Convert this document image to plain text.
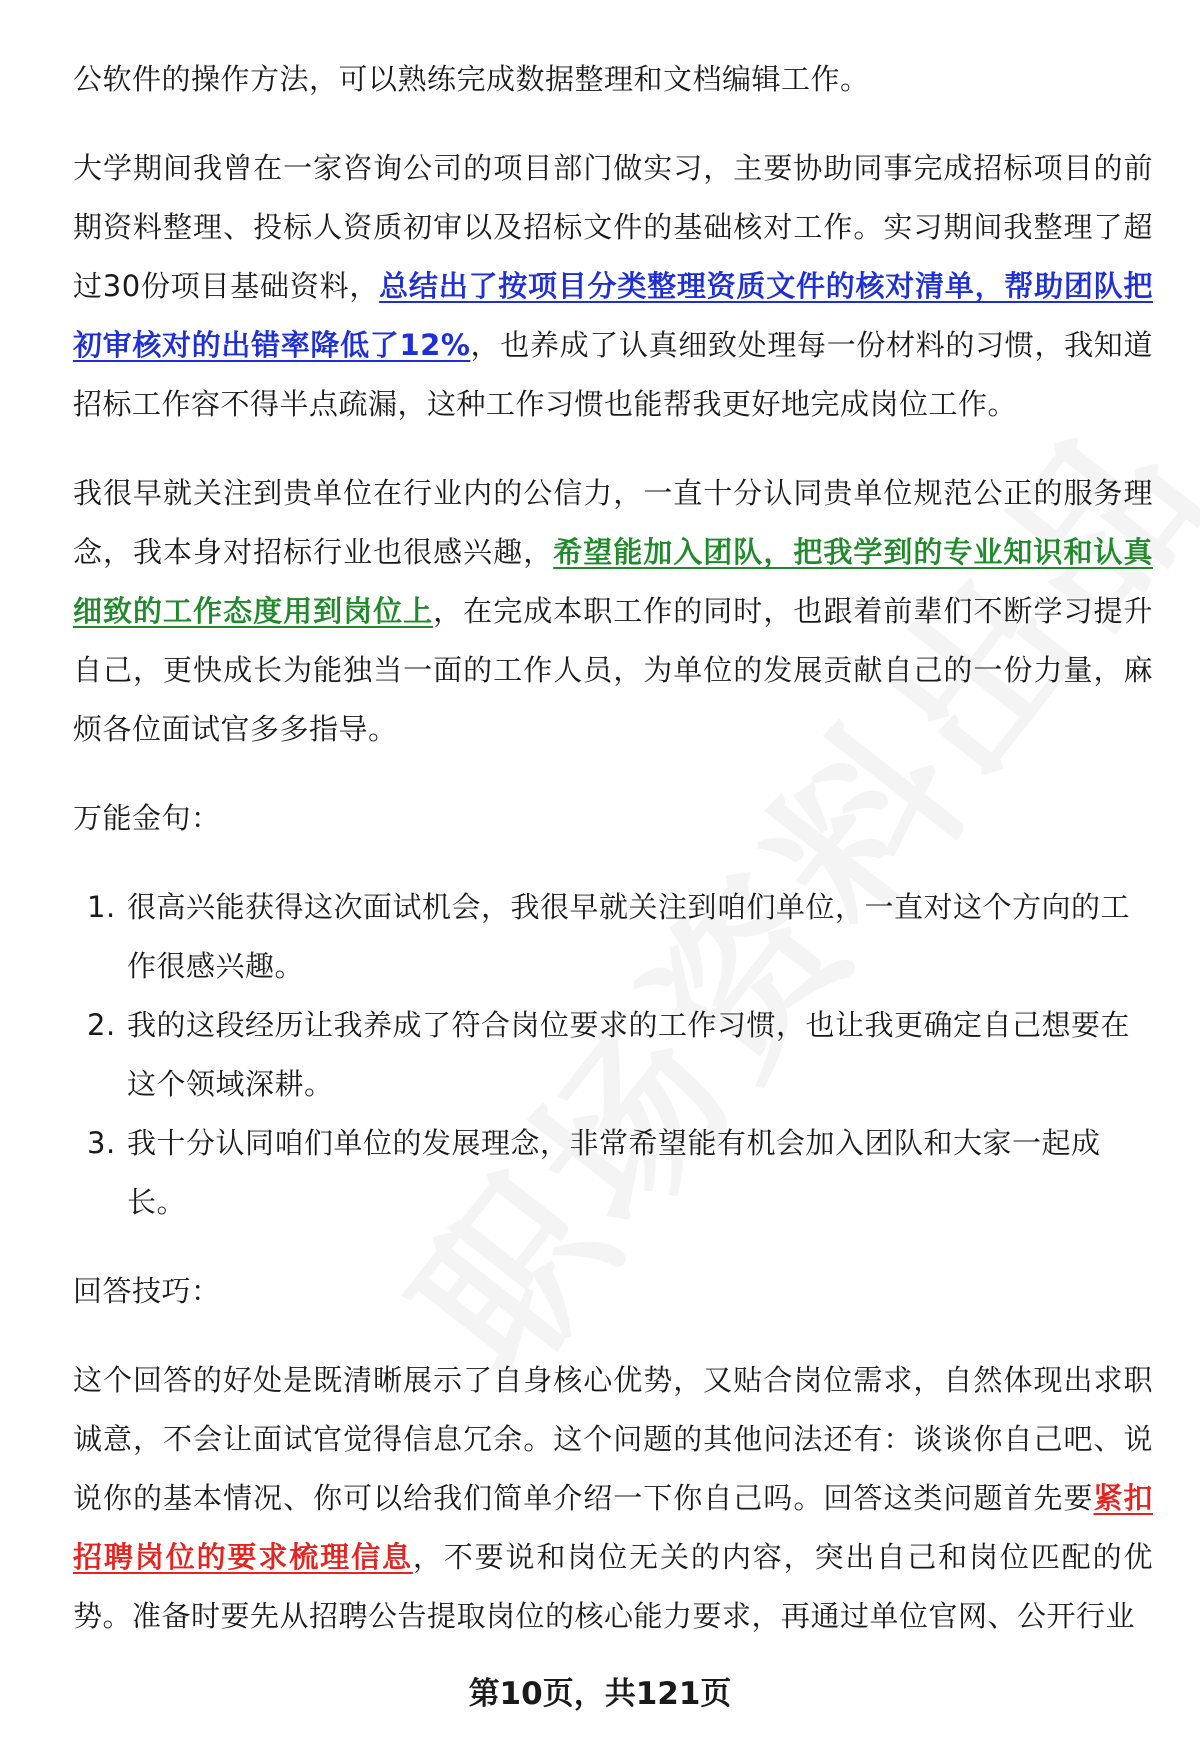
公软件的操作方法，可以熟练完成数据整理和文档编辑工作。

大学期间我曾在一家咨询公司的项目部门做实习，主要协助同事完成招标项目的前期资料整理、投标人资质初审以及招标文件的基础核对工作。实习期间我整理了超过30份项目基础资料，总结出了按项目分类整理资质文件的核对清单，帮助团队把初审核对的出错率降低了12%，也养成了认真细致处理每一份材料的习惯，我知道招标工作容不得半点疏漏，这种工作习惯也能帮我更好地完成岗位工作。

我很早就关注到贵单位在行业内的公信力，一直十分认同贵单位规范公正的服务理念，我本身对招标行业也很感兴趣，希望能加入团队，把我学到的专业知识和认真细致的工作态度用到岗位上，在完成本职工作的同时，也跟着前辈们不断学习提升自己，更快成长为能独当一面的工作人员，为单位的发展贡献自己的一份力量，麻烦各位面试官多多指导。

万能金句：

1. 很高兴能获得这次面试机会，我很早就关注到咱们单位，一直对这个方向的工作很感兴趣。
2. 我的这段经历让我养成了符合岗位要求的工作习惯，也让我更确定自己想要在这个领域深耕。
3. 我十分认同咱们单位的发展理念，非常希望能有机会加入团队和大家一起成长。

回答技巧：

这个回答的好处是既清晰展示了自身核心优势，又贴合岗位需求，自然体现出求职诚意，不会让面试官觉得信息冗余。这个问题的其他问法还有：谈谈你自己吧、说说你的基本情况、你可以给我们简单介绍一下你自己吗。回答这类问题首先要紧扣招聘岗位的要求梳理信息，不要说和岗位无关的内容，突出自己和岗位匹配的优势。准备时要先从招聘公告提取岗位的核心能力要求，再通过单位官网、公开行业

第10页，共121页
